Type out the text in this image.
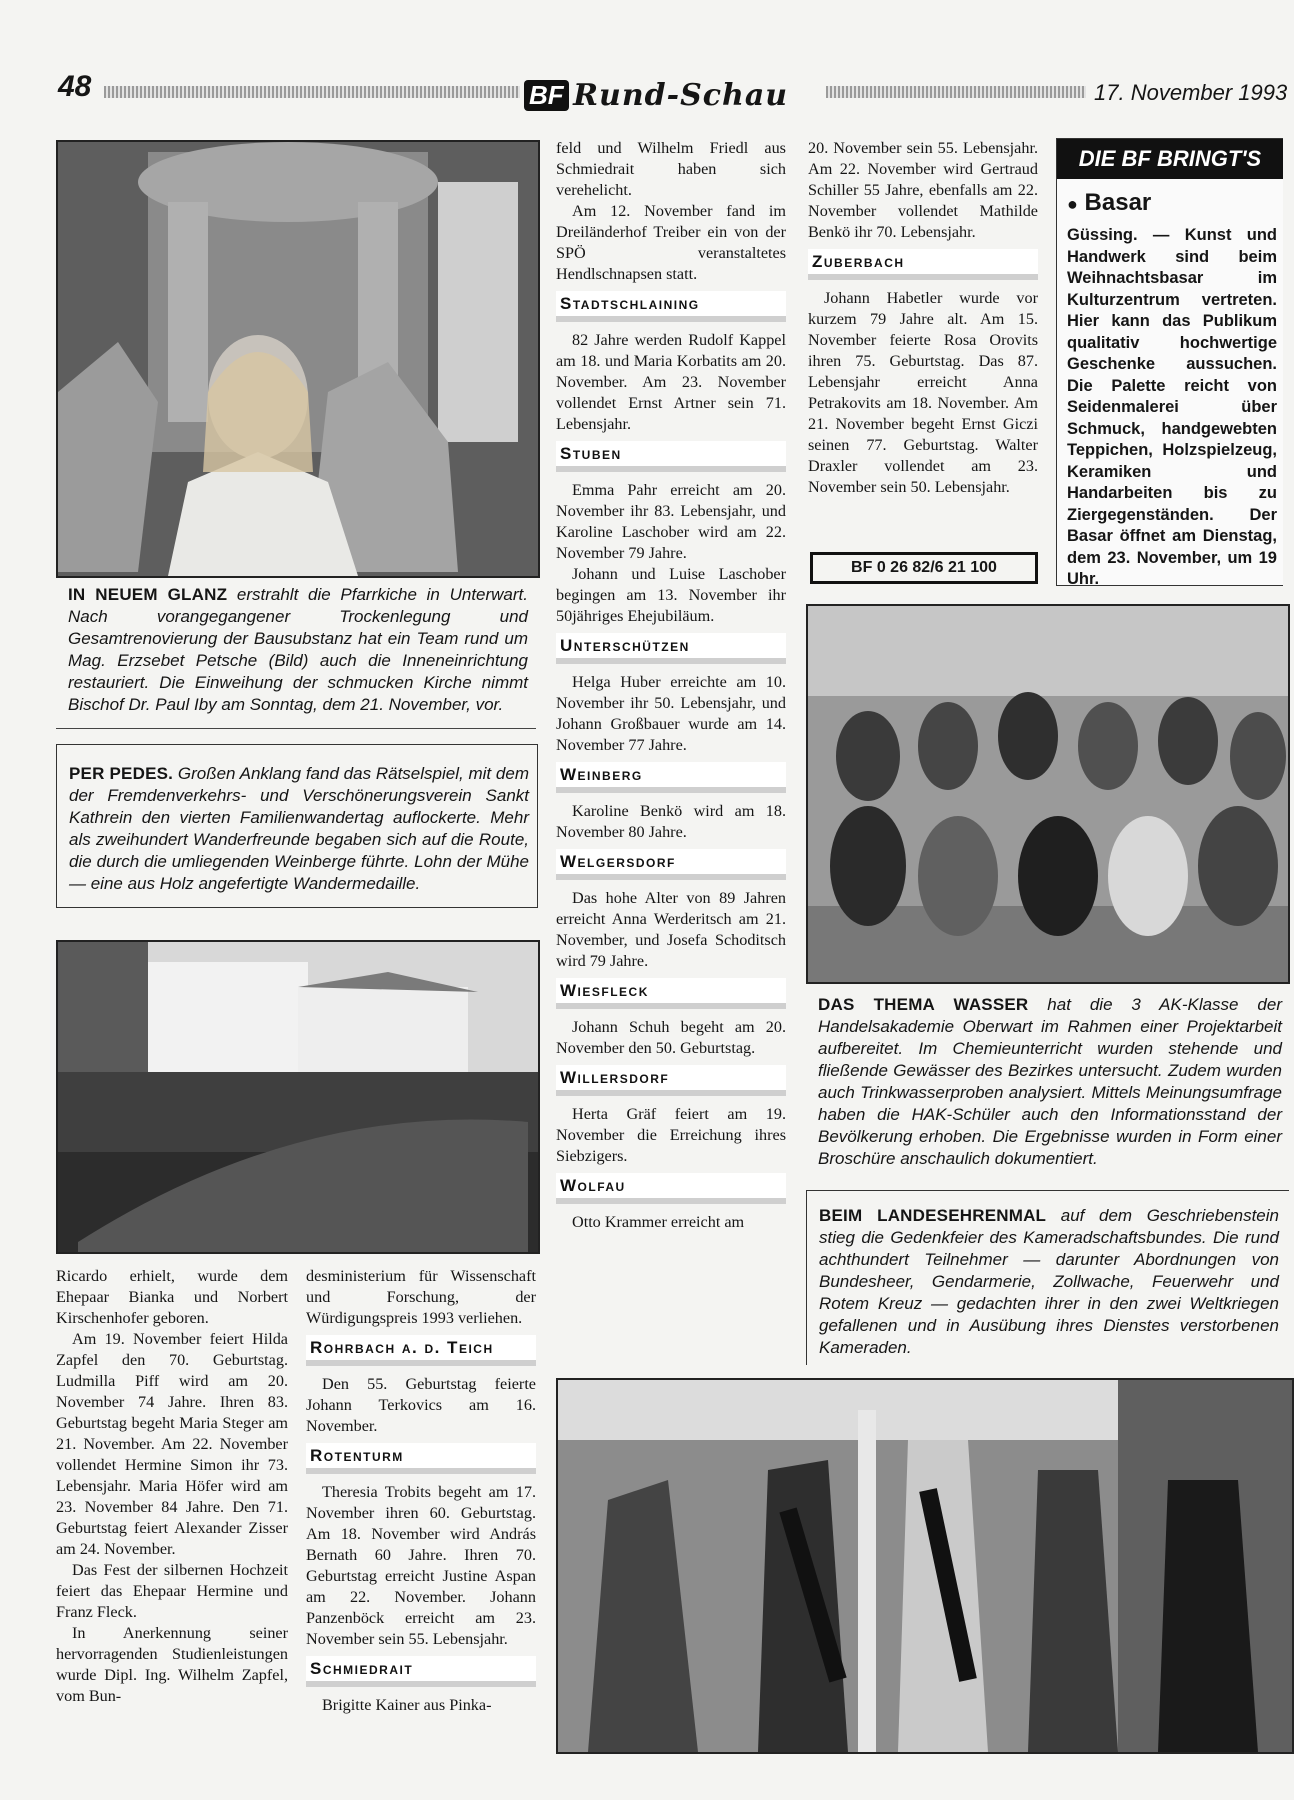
48	BF Rund-Schau	17. November 1993
IN NEUEM GLANZ erstrahlt die Pfarrkiche in Unterwart. Nach vorangegangener Trockenlegung und Gesamtrenovierung der Bausubstanz hat ein Team rund um Mag. Erzsebet Petsche (Bild) auch die Inneneinrichtung restauriert. Die Einweihung der schmucken Kirche nimmt Bischof Dr. Paul Iby am Sonntag, dem 21. November, vor.
PER PEDES. Großen Anklang fand das Rätselspiel, mit dem der Fremdenverkehrs- und Verschönerungsverein Sankt Kathrein den vierten Familienwandertag auflockerte. Mehr als zweihundert Wanderfreunde begaben sich auf die Route, die durch die umliegenden Weinberge führte. Lohn der Mühe — eine aus Holz angefertigte Wandermedaille.

Ricardo erhielt, wurde dem Ehepaar Bianka und Norbert Kirschenhofer geboren.

Am 19. November feiert Hilda Zapfel den 70. Geburtstag. Ludmilla Piff wird am 20. November 74 Jahre. Ihren 83. Geburtstag begeht Maria Steger am 21. November. Am 22. November vollendet Hermine Simon ihr 73. Lebensjahr. Maria Höfer wird am 23. November 84 Jahre. Den 71. Geburtstag feiert Alexander Zisser am 24. November.

Das Fest der silbernen Hochzeit feiert das Ehepaar Hermine und Franz Fleck.

In Anerkennung seiner hervorragenden Studienleistungen wurde Dipl. Ing. Wilhelm Zapfel, vom Bun-

desministerium für Wissenschaft und Forschung, der Würdigungspreis 1993 verliehen.

Rohrbach a. d. Teich

Den 55. Geburtstag feierte Johann Terkovics am 16. November.

Rotenturm

Theresia Trobits begeht am 17. November ihren 60. Geburtstag. Am 18. November wird András Bernath 60 Jahre. Ihren 70. Geburtstag erreicht Justine Aspan am 22. November. Johann Panzenböck erreicht am 23. November sein 55. Lebensjahr.

Schmiedrait

Brigitte Kainer aus Pinka-

feld und Wilhelm Friedl aus Schmiedrait haben sich verehelicht.

Am 12. November fand im Dreiländerhof Treiber ein von der SPÖ veranstaltetes Hendlschnapsen statt.

Stadtschlaining

82 Jahre werden Rudolf Kappel am 18. und Maria Korbatits am 20. November. Am 23. November vollendet Ernst Artner sein 71. Lebensjahr.

Stuben

Emma Pahr erreicht am 20. November ihr 83. Lebensjahr, und Karoline Laschober wird am 22. November 79 Jahre.

Johann und Luise Laschober begingen am 13. November ihr 50jähriges Ehejubiläum.

Unterschützen

Helga Huber erreichte am 10. November ihr 50. Lebensjahr, und Johann Großbauer wurde am 14. November 77 Jahre.

Weinberg

Karoline Benkö wird am 18. November 80 Jahre.

Welgersdorf

Das hohe Alter von 89 Jahren erreicht Anna Werderitsch am 21. November, und Josefa Schoditsch wird 79 Jahre.

Wiesfleck

Johann Schuh begeht am 20. November den 50. Geburtstag.

Willersdorf

Herta Gräf feiert am 19. November die Erreichung ihres Siebzigers.

Wolfau

Otto Krammer erreicht am

20. November sein 55. Lebensjahr. Am 22. November wird Gertraud Schiller 55 Jahre, ebenfalls am 22. November vollendet Mathilde Benkö ihr 70. Lebensjahr.

Zuberbach

Johann Habetler wurde vor kurzem 79 Jahre alt. Am 15. November feierte Rosa Orovits ihren 75. Geburtstag. Das 87. Lebensjahr erreicht Anna Petrakovits am 18. November. Am 21. November begeht Ernst Giczi seinen 77. Geburtstag. Walter Draxler vollendet am 23. November sein 50. Lebensjahr.

BF 0 26 82/6 21 100
DIE BF BRINGT'S
● Basar
Güssing. — Kunst und Handwerk sind beim Weihnachtsbasar im Kulturzentrum vertreten. Hier kann das Publikum qualitativ hochwertige Geschenke aussuchen. Die Palette reicht von Seidenmalerei über Schmuck, handgewebten Teppichen, Holzspielzeug, Keramiken und Handarbeiten bis zu Ziergegenständen. Der Basar öffnet am Dienstag, dem 23. November, um 19 Uhr.
DAS THEMA WASSER hat die 3 AK-Klasse der Handelsakademie Oberwart im Rahmen einer Projektarbeit aufbereitet. Im Chemieunterricht wurden stehende und fließende Gewässer des Bezirkes untersucht. Zudem wurden auch Trinkwasserproben analysiert. Mittels Meinungsumfrage haben die HAK-Schüler auch den Informationsstand der Bevölkerung erhoben. Die Ergebnisse wurden in Form einer Broschüre anschaulich dokumentiert.
BEIM LANDESEHRENMAL auf dem Geschriebenstein stieg die Gedenkfeier des Kameradschaftsbundes. Die rund achthundert Teilnehmer — darunter Abordnungen von Bundesheer, Gendarmerie, Zollwache, Feuerwehr und Rotem Kreuz — gedachten ihrer in den zwei Weltkriegen gefallenen und in Ausübung ihres Dienstes verstorbenen Kameraden.
